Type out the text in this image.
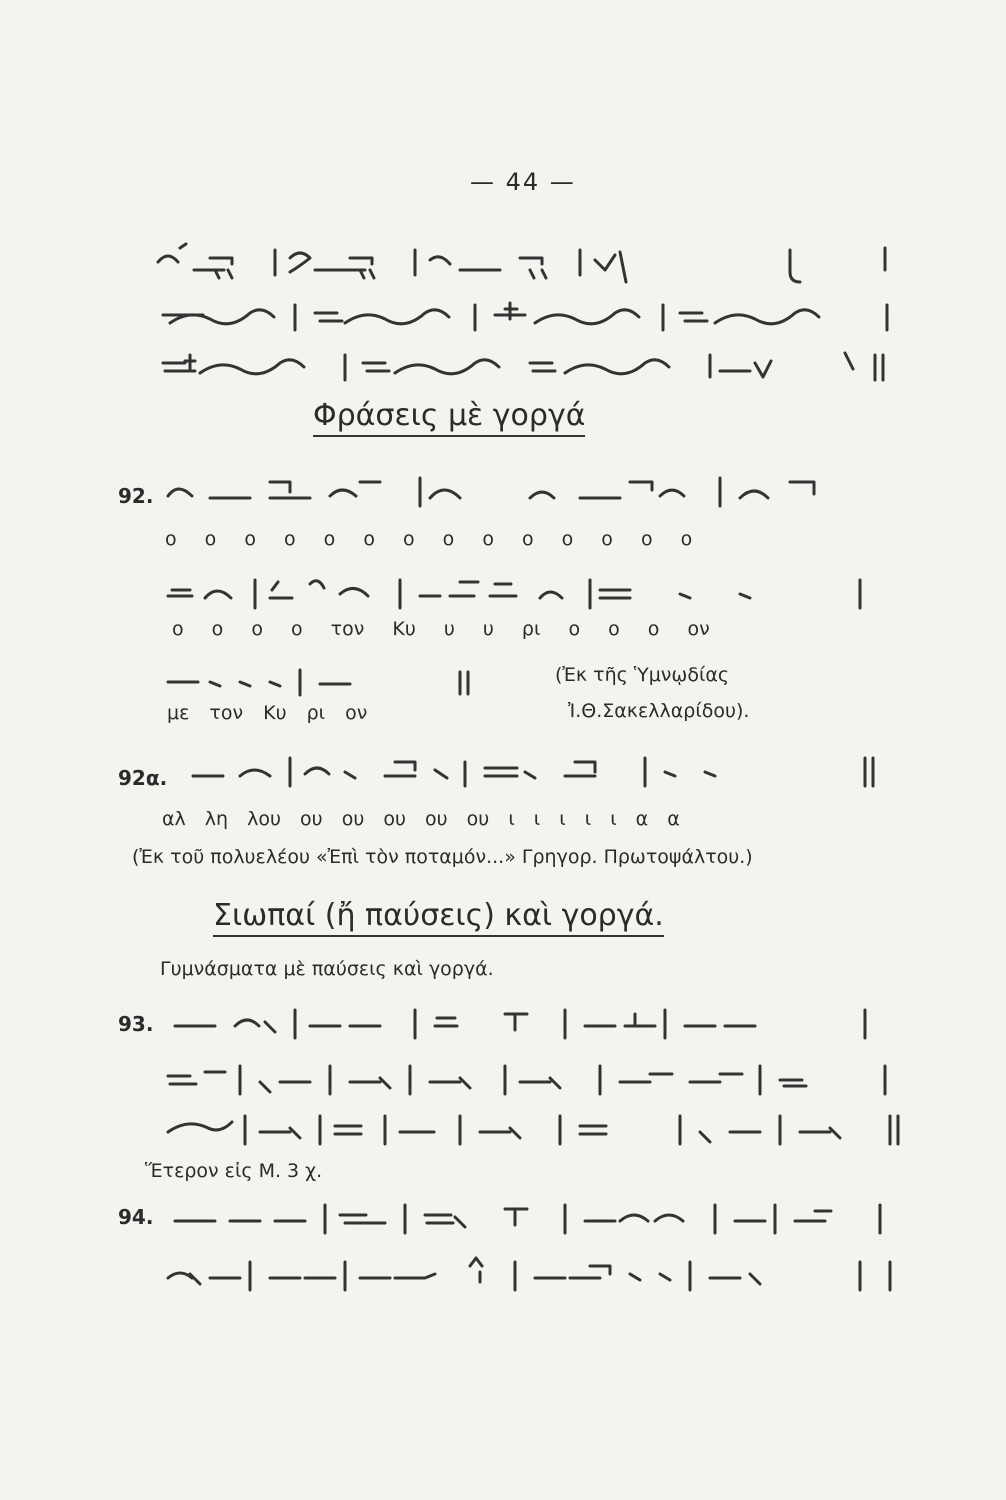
— 44 —
Φράσεις μὲ γοργά
92.
ο ο ο ο ο ο ο ο ο ο ο ο ο ο
ο ο ο ο τον Κυ υ υ ρι ο ο ο ον
με τον Κυ ρι ον
(Ἐκ τῆς Ὑμνῳδίας
Ἰ.Θ.Σακελλαρίδου).
92α.
αλ λη λου ου ου ου ου ου ι ι ι ι ι α α
(Ἐκ τοῦ πολυελέου «Ἐπὶ τὸν ποταμόν...» Γρηγορ. Πρωτοψάλτου.)
Σιωπαί (ἤ παύσεις) καὶ γοργά.
Γυμνάσματα μὲ παύσεις καὶ γοργά.
93.
Ἕτερον εἰς Μ. 3 χ.
94.
